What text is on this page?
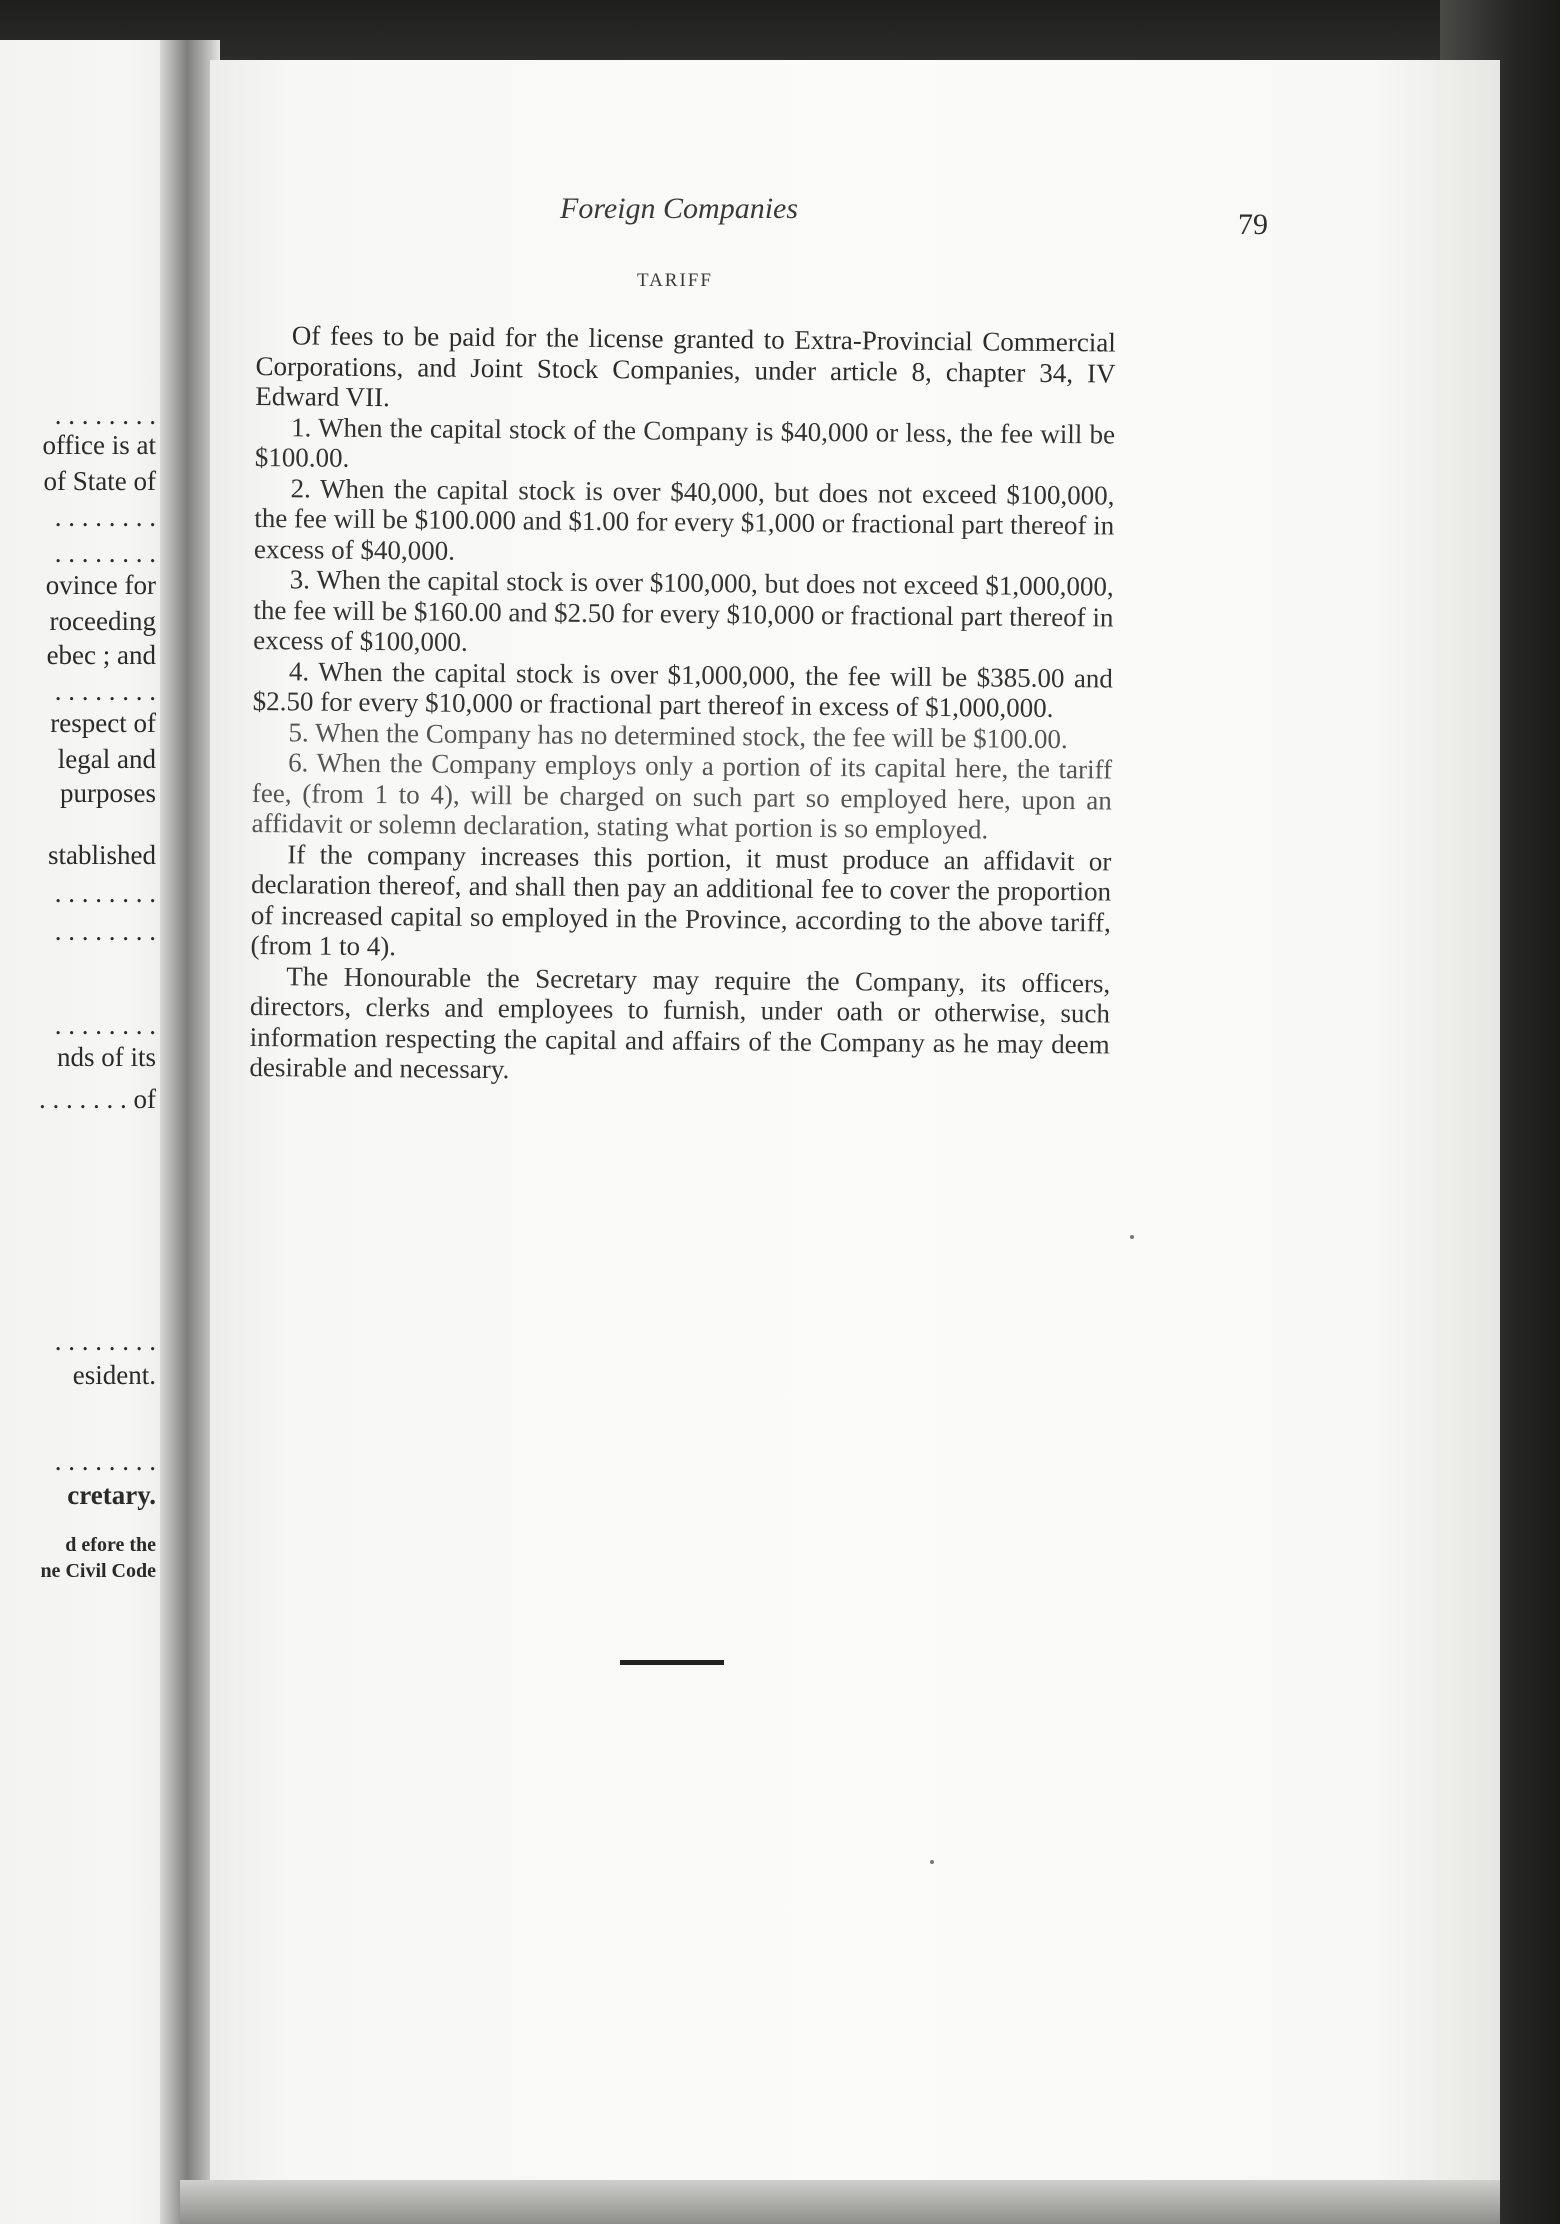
. . . . . . . .
office is at
of State of
. . . . . . . .
. . . . . . . .
ovince for
roceeding
ebec ; and
. . . . . . . .
respect of
legal and
purposes
stablished
. . . . . . . .
. . . . . . . .
. . . . . . . .
nds of its
. . . . . . . of
. . . . . . . .
esident.
. . . . . . . .
cretary.
d efore the
ne Civil Code
Foreign Companies	79
TARIFF

Of fees to be paid for the license granted to Extra-Provincial Commercial Corporations, and Joint Stock Companies, under article 8, chapter 34, IV Edward VII.

1. When the capital stock of the Company is $40,000 or less, the fee will be $100.00.

2. When the capital stock is over $40,000, but does not exceed $100,000, the fee will be $100.000 and $1.00 for every $1,000 or fractional part thereof in excess of $40,000.

3. When the capital stock is over $100,000, but does not exceed $1,000,000, the fee will be $160.00 and $2.50 for every $10,000 or fractional part thereof in excess of $100,000.

4. When the capital stock is over $1,000,000, the fee will be $385.00 and $2.50 for every $10,000 or fractional part thereof in excess of $1,000,000.

5. When the Company has no determined stock, the fee will be $100.00.

6. When the Company employs only a portion of its capital here, the tariff fee, (from 1 to 4), will be charged on such part so employed here, upon an affidavit or solemn declaration, stating what portion is so employed.

If the company increases this portion, it must produce an affidavit or declaration thereof, and shall then pay an additional fee to cover the proportion of increased capital so employed in the Province, according to the above tariff, (from 1 to 4).

The Honourable the Secretary may require the Company, its officers, directors, clerks and employees to furnish, under oath or otherwise, such information respecting the capital and affairs of the Company as he may deem desirable and necessary.
